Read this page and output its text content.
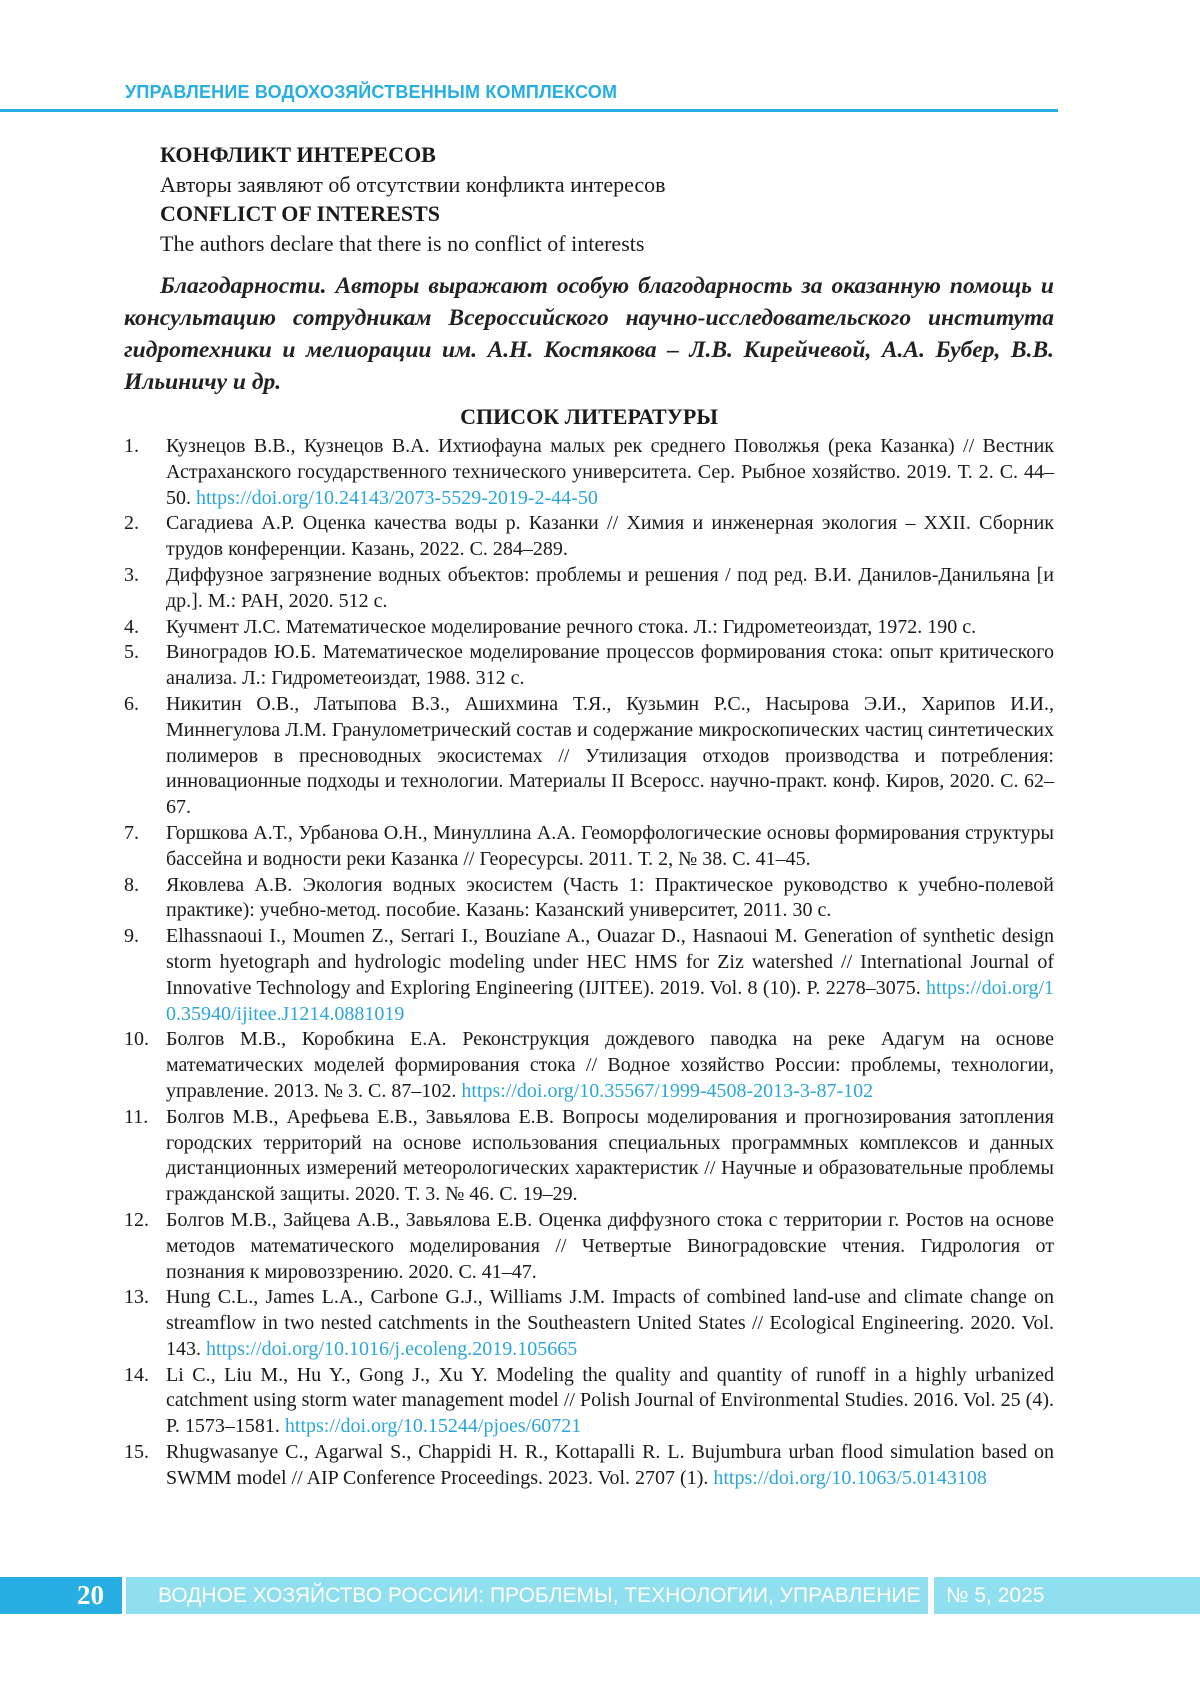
УПРАВЛЕНИЕ ВОДОХОЗЯЙСТВЕННЫМ КОМПЛЕКСОМ
КОНФЛИКТ ИНТЕРЕСОВ
Авторы заявляют об отсутствии конфликта интересов
CONFLICT OF INTERESTS
The authors declare that there is no conflict of interests
Благодарности. Авторы выражают особую благодарность за оказанную помощь и консультацию сотрудникам Всероссийского научно-исследовательского института гидротехники и мелиорации им. А.Н. Костякова – Л.В. Кирейчевой, А.А. Бубер, В.В. Ильиничу и др.
СПИСОК ЛИТЕРАТУРЫ
1.	Кузнецов В.В., Кузнецов В.А. Ихтиофауна малых рек среднего Поволжья (река Казанка) // Вестник Астраханского государственного технического университета. Сер. Рыбное хозяйство. 2019. Т. 2. С. 44–50. https://doi.org/10.24143/2073-5529-2019-2-44-50
2.	Сагадиева А.Р. Оценка качества воды р. Казанки // Химия и инженерная экология – XXII. Сборник трудов конференции. Казань, 2022. С. 284–289.
3.	Диффузное загрязнение водных объектов: проблемы и решения / под ред. В.И. Данилов-Данильяна [и др.]. М.: РАН, 2020. 512 с.
4.	Кучмент Л.С. Математическое моделирование речного стока. Л.: Гидрометеоиздат, 1972. 190 с.
5.	Виноградов Ю.Б. Математическое моделирование процессов формирования стока: опыт критического анализа. Л.: Гидрометеоиздат, 1988. 312 с.
6.	Никитин О.В., Латыпова В.З., Ашихмина Т.Я., Кузьмин Р.С., Насырова Э.И., Харипов И.И., Миннегулова Л.М. Гранулометрический состав и содержание микроскопических частиц синтетических полимеров в пресноводных экосистемах // Утилизация отходов производства и потребления: инновационные подходы и технологии. Материалы II Всеросс. научно-практ. конф. Киров, 2020. С. 62–67.
7.	Горшкова А.Т., Урбанова О.Н., Минуллина А.А. Геоморфологические основы формирования структуры бассейна и водности реки Казанка // Георесурсы. 2011. Т. 2, № 38. С. 41–45.
8.	Яковлева А.В. Экология водных экосистем (Часть 1: Практическое руководство к учебно-полевой практике): учебно-метод. пособие. Казань: Казанский университет, 2011. 30 с.
9.	Elhassnaoui I., Moumen Z., Serrari I., Bouziane A., Ouazar D., Hasnaoui M. Generation of synthetic design storm hyetograph and hydrologic modeling under HEC HMS for Ziz watershed // International Journal of Innovative Technology and Exploring Engineering (IJITEE). 2019. Vol. 8 (10). P. 2278–3075. https://doi.org/10.35940/ijitee.J1214.0881019
10. Болгов М.В., Коробкина Е.А. Реконструкция дождевого паводка на реке Адагум на основе математических моделей формирования стока // Водное хозяйство России: проблемы, технологии, управление. 2013. № 3. С. 87–102. https://doi.org/10.35567/1999-4508-2013-3-87-102
11. Болгов М.В., Арефьева Е.В., Завьялова Е.В. Вопросы моделирования и прогнозирования затопления городских территорий на основе использования специальных программных комплексов и данных дистанционных измерений метеорологических характеристик // Научные и образовательные проблемы гражданской защиты. 2020. Т. 3. № 46. С. 19–29.
12. Болгов М.В., Зайцева А.В., Завьялова Е.В. Оценка диффузного стока с территории г. Ростов на основе методов математического моделирования // Четвертые Виноградовские чтения. Гидрология от познания к мировоззрению. 2020. С. 41–47.
13. Hung C.L., James L.A., Carbone G.J., Williams J.M. Impacts of combined land-use and climate change on streamflow in two nested catchments in the Southeastern United States // Ecological Engineering. 2020. Vol. 143. https://doi.org/10.1016/j.ecoleng.2019.105665
14. Li C., Liu M., Hu Y., Gong J., Xu Y. Modeling the quality and quantity of runoff in a highly urbanized catchment using storm water management model // Polish Journal of Environmental Studies. 2016. Vol. 25 (4). P. 1573–1581. https://doi.org/10.15244/pjoes/60721
15. Rhugwasanye C., Agarwal S., Chappidi H. R., Kottapalli R. L. Bujumbura urban flood simulation based on SWMM model // AIP Conference Proceedings. 2023. Vol. 2707 (1). https://doi.org/10.1063/5.0143108
20	ВОДНОЕ ХОЗЯЙСТВО РОССИИ: ПРОБЛЕМЫ, ТЕХНОЛОГИИ, УПРАВЛЕНИЕ	№ 5, 2025
